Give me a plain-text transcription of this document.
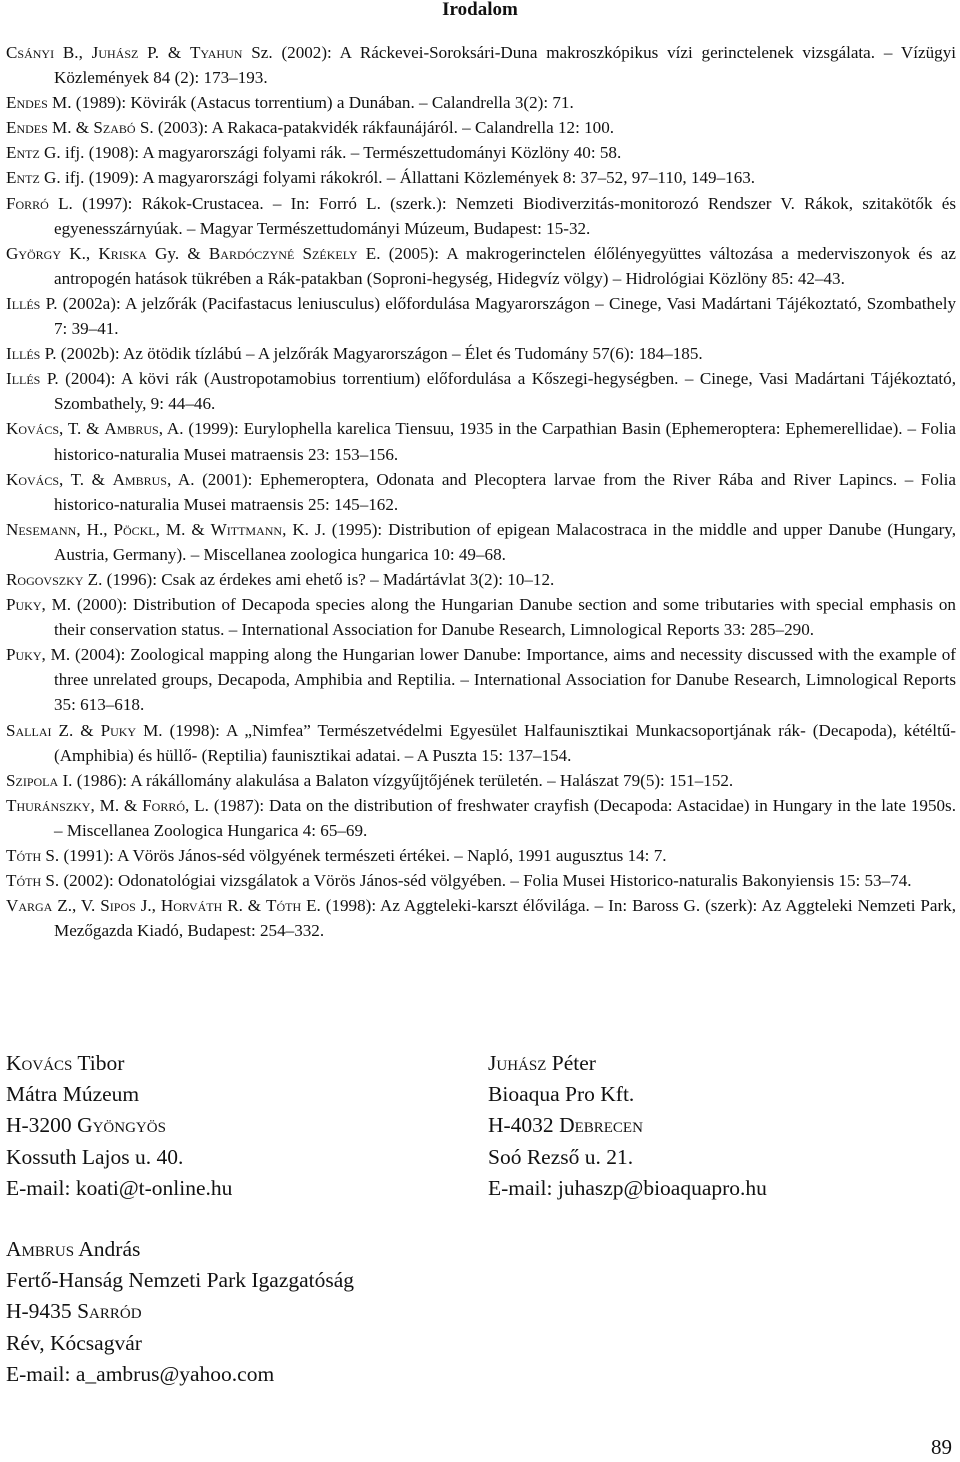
Irodalom

Csányi B., Juhász P. & Tyahun Sz. (2002): A Ráckevei-Soroksári-Duna makroszkópikus vízi gerinctelenek vizsgálata. – Vízügyi Közlemények 84 (2): 173–193.

Endes M. (1989): Kövirák (Astacus torrentium) a Dunában. – Calandrella 3(2): 71.

Endes M. & Szabó S. (2003): A Rakaca-patakvidék rákfaunájáról. – Calandrella 12: 100.

Entz G. ifj. (1908): A magyarországi folyami rák. – Természettudományi Közlöny 40: 58.

Entz G. ifj. (1909): A magyarországi folyami rákokról. – Állattani Közlemények 8: 37–52, 97–110, 149–163.

Forró L. (1997): Rákok-Crustacea. – In: Forró L. (szerk.): Nemzeti Biodiverzitás-monitorozó Rendszer V. Rákok, szitakötők és egyenesszárnyúak. – Magyar Természettudományi Múzeum, Budapest: 15-32.

György K., Kriska Gy. & Bardóczyné Székely E. (2005): A makrogerinctelen élőlényegyüttes változása a mederviszonyok és az antropogén hatások tükrében a Rák-patakban (Soproni-hegység, Hidegvíz völgy) – Hidrológiai Közlöny 85: 42–43.

Illés P. (2002a): A jelzőrák (Pacifastacus leniusculus) előfordulása Magyarországon – Cinege, Vasi Madártani Tájékoztató, Szombathely 7: 39–41.

Illés P. (2002b): Az ötödik tízlábú – A jelzőrák Magyarországon – Élet és Tudomány 57(6): 184–185.

Illés P. (2004): A kövi rák (Austropotamobius torrentium) előfordulása a Kőszegi-hegységben. – Cinege, Vasi Madártani Tájékoztató, Szombathely, 9: 44–46.

Kovács, T. & Ambrus, A. (1999): Eurylophella karelica Tiensuu, 1935 in the Carpathian Basin (Ephemeroptera: Ephemerellidae). – Folia historico-naturalia Musei matraensis 23: 153–156.

Kovács, T. & Ambrus, A. (2001): Ephemeroptera, Odonata and Plecoptera larvae from the River Rába and River Lapincs. – Folia historico-naturalia Musei matraensis 25: 145–162.

Nesemann, H., Pöckl, M. & Wittmann, K. J. (1995): Distribution of epigean Malacostraca in the middle and upper Danube (Hungary, Austria, Germany). – Miscellanea zoologica hungarica 10: 49–68.

Rogovszky Z. (1996): Csak az érdekes ami ehető is? – Madártávlat 3(2): 10–12.

Puky, M. (2000): Distribution of Decapoda species along the Hungarian Danube section and some tributaries with special emphasis on their conservation status. – International Association for Danube Research, Limnological Reports 33: 285–290.

Puky, M. (2004): Zoological mapping along the Hungarian lower Danube: Importance, aims and necessity discussed with the example of three unrelated groups, Decapoda, Amphibia and Reptilia. – International Association for Danube Research, Limnological Reports 35: 613–618.

Sallai Z. & Puky M. (1998): A „Nimfea” Természetvédelmi Egyesület Halfaunisztikai Munkacsoportjának rák- (Decapoda), kétéltű- (Amphibia) és hüllő- (Reptilia) faunisztikai adatai. – A Puszta 15: 137–154.

Szipola I. (1986): A rákállomány alakulása a Balaton vízgyűjtőjének területén. – Halászat 79(5): 151–152.

Thuránszky, M. & Forró, L. (1987): Data on the distribution of freshwater crayfish (Decapoda: Astacidae) in Hungary in the late 1950s. – Miscellanea Zoologica Hungarica 4: 65–69.

Tóth S. (1991): A Vörös János-séd völgyének természeti értékei. – Napló, 1991 augusztus 14: 7.

Tóth S. (2002): Odonatológiai vizsgálatok a Vörös János-séd völgyében. – Folia Musei Historico-naturalis Bakonyiensis 15: 53–74.

Varga Z., V. Sipos J., Horváth R. & Tóth E. (1998): Az Aggteleki-karszt élővilága. – In: Bаross G. (szerk): Az Aggteleki Nemzeti Park, Mezőgazda Kiadó, Budapest: 254–332.

Kovács Tibor
Mátra Múzeum
H-3200 Gyöngyös
Kossuth Lajos u. 40.
E-mail: koati@t-online.hu
Juhász Péter
Bioaqua Pro Kft.
H-4032 Debrecen
Soó Rezső u. 21.
E-mail: juhaszp@bioaquapro.hu
Ambrus András
Fertő-Hanság Nemzeti Park Igazgatóság
H-9435 Sarród
Rév, Kócsagvár
E-mail: a_ambrus@yahoo.com
89
